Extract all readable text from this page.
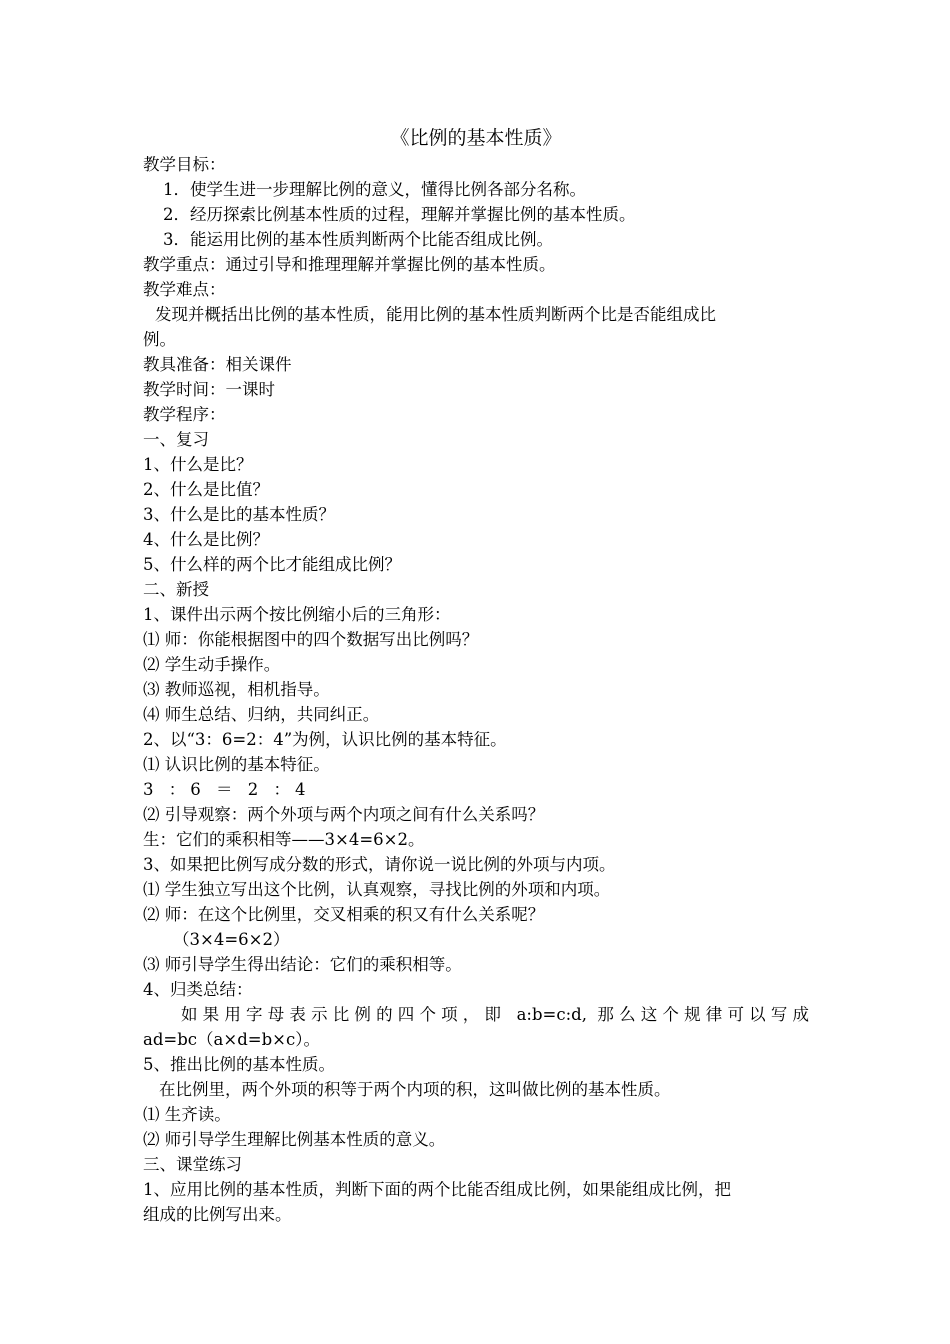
《比例的基本性质》

教学目标：

1．使学生进一步理解比例的意义，懂得比例各部分名称。

2．经历探索比例基本性质的过程，理解并掌握比例的基本性质。

3．能运用比例的基本性质判断两个比能否组成比例。

教学重点：通过引导和推理理解并掌握比例的基本性质。

教学难点：

发现并概括出比例的基本性质，能用比例的基本性质判断两个比是否能组成比

例。

教具准备：相关课件

教学时间：一课时

教学程序：

一、复习

1、什么是比？

2、什么是比值？

3、什么是比的基本性质？

4、什么是比例？

5、什么样的两个比才能组成比例？

二、新授

1、课件出示两个按比例缩小后的三角形：

⑴ 师：你能根据图中的四个数据写出比例吗？

⑵ 学生动手操作。

⑶ 教师巡视，相机指导。

⑷ 师生总结、归纳，共同纠正。

2、以“3：6=2：4”为例，认识比例的基本特征。

⑴ 认识比例的基本特征。

3 ：6 ＝ 2 ：4

⑵ 引导观察：两个外项与两个内项之间有什么关系吗？

生：它们的乘积相等——3×4=6×2。

3、如果把比例写成分数的形式，请你说一说比例的外项与内项。

⑴ 学生独立写出这个比例，认真观察，寻找比例的外项和内项。

⑵ 师：在这个比例里，交叉相乘的积又有什么关系呢？

（3×4=6×2）

⑶ 师引导学生得出结论：它们的乘积相等。

4、归类总结：

如果用字母表示比例的四个项，即 a:b=c:d, 那么这个规律可以写成

ad=bc（a×d=b×c）。

5、推出比例的基本性质。

在比例里，两个外项的积等于两个内项的积，这叫做比例的基本性质。

⑴ 生齐读。

⑵ 师引导学生理解比例基本性质的意义。

三、课堂练习

1、应用比例的基本性质，判断下面的两个比能否组成比例，如果能组成比例，把

组成的比例写出来。
